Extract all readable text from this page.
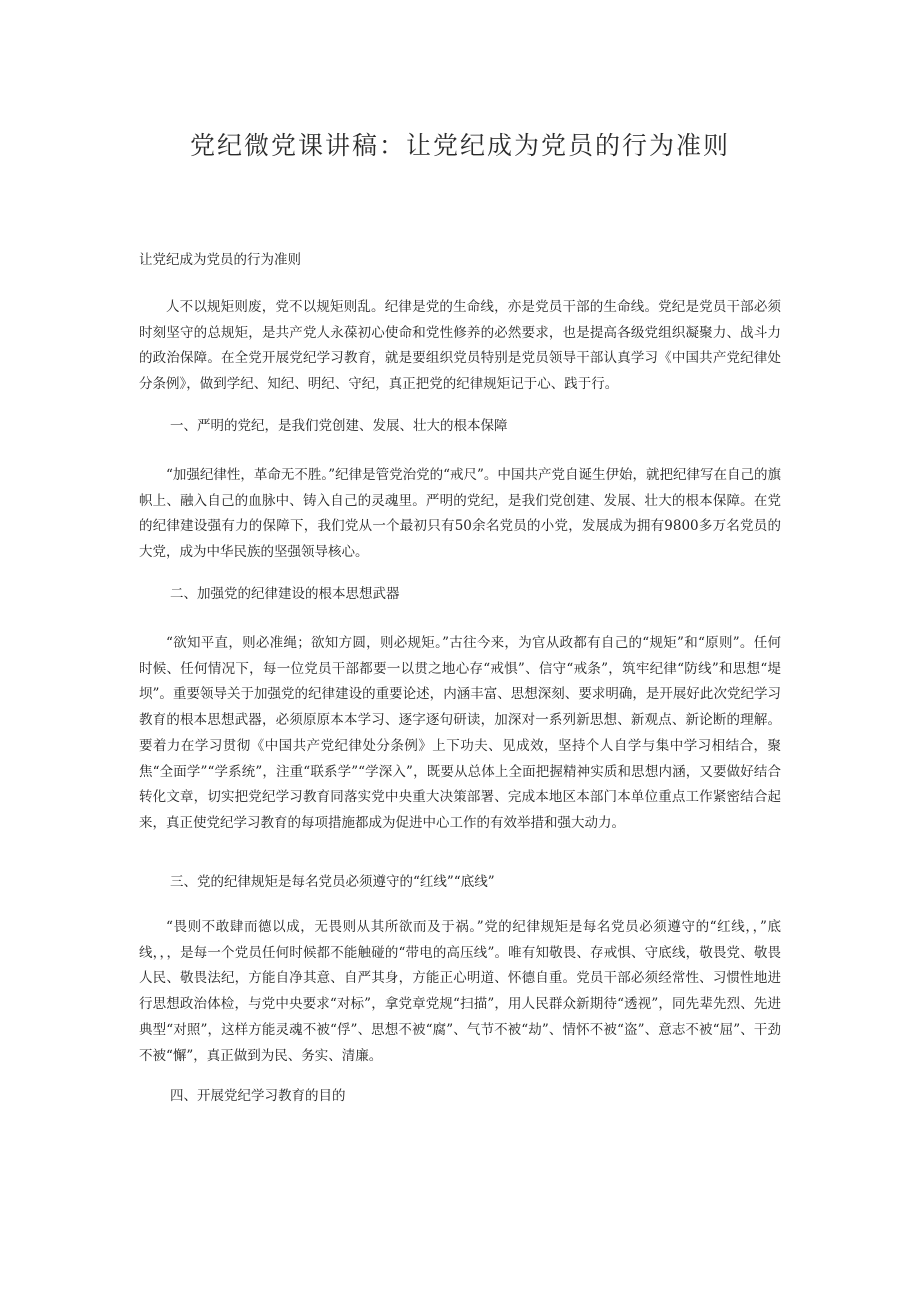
党纪微党课讲稿：让党纪成为党员的行为准则
让党纪成为党员的行为准则

人不以规矩则废，党不以规矩则乱。纪律是党的生命线，亦是党员干部的生命线。党纪是党员干部必须时刻坚守的总规矩，是共产党人永葆初心使命和党性修养的必然要求，也是提高各级党组织凝聚力、战斗力的政治保障。在全党开展党纪学习教育，就是要组织党员特别是党员领导干部认真学习《中国共产党纪律处分条例》，做到学纪、知纪、明纪、守纪，真正把党的纪律规矩记于心、践于行。

一、严明的党纪，是我们党创建、发展、壮大的根本保障

“加强纪律性，革命无不胜。”纪律是管党治党的“戒尺”。中国共产党自诞生伊始，就把纪律写在自己的旗帜上、融入自己的血脉中、铸入自己的灵魂里。严明的党纪，是我们党创建、发展、壮大的根本保障。在党的纪律建设强有力的保障下，我们党从一个最初只有50余名党员的小党，发展成为拥有9800多万名党员的大党，成为中华民族的坚强领导核心。

二、加强党的纪律建设的根本思想武器

“欲知平直，则必准绳；欲知方圆，则必规矩。”古往今来，为官从政都有自己的“规矩”和“原则”。任何时候、任何情况下，每一位党员干部都要一以贯之地心存“戒惧”、信守“戒条”，筑牢纪律“防线”和思想“堤坝”。重要领导关于加强党的纪律建设的重要论述，内涵丰富、思想深刻、要求明确，是开展好此次党纪学习教育的根本思想武器，必须原原本本学习、逐字逐句研读，加深对一系列新思想、新观点、新论断的理解。要着力在学习贯彻《中国共产党纪律处分条例》上下功夫、见成效，坚持个人自学与集中学习相结合，聚焦“全面学”“学系统”，注重“联系学”“学深入”，既要从总体上全面把握精神实质和思想内涵，又要做好结合转化文章，切实把党纪学习教育同落实党中央重大决策部署、完成本地区本部门本单位重点工作紧密结合起来，真正使党纪学习教育的每项措施都成为促进中心工作的有效举措和强大动力。

三、党的纪律规矩是每名党员必须遵守的“红线”“底线”

“畏则不敢肆而德以成，无畏则从其所欲而及于祸。”党的纪律规矩是每名党员必须遵守的“红线，，”底线，，，是每一个党员任何时候都不能触碰的“带电的高压线”。唯有知敬畏、存戒惧、守底线，敬畏党、敬畏人民、敬畏法纪，方能自净其意、自严其身，方能正心明道、怀德自重。党员干部必须经常性、习惯性地进行思想政治体检，与党中央要求“对标”，拿党章党规“扫描”，用人民群众新期待“透视”，同先辈先烈、先进典型“对照”，这样方能灵魂不被“俘”、思想不被“腐”、气节不被“劫”、情怀不被“盗”、意志不被“屈”、干劲不被“懈”，真正做到为民、务实、清廉。

四、开展党纪学习教育的目的
